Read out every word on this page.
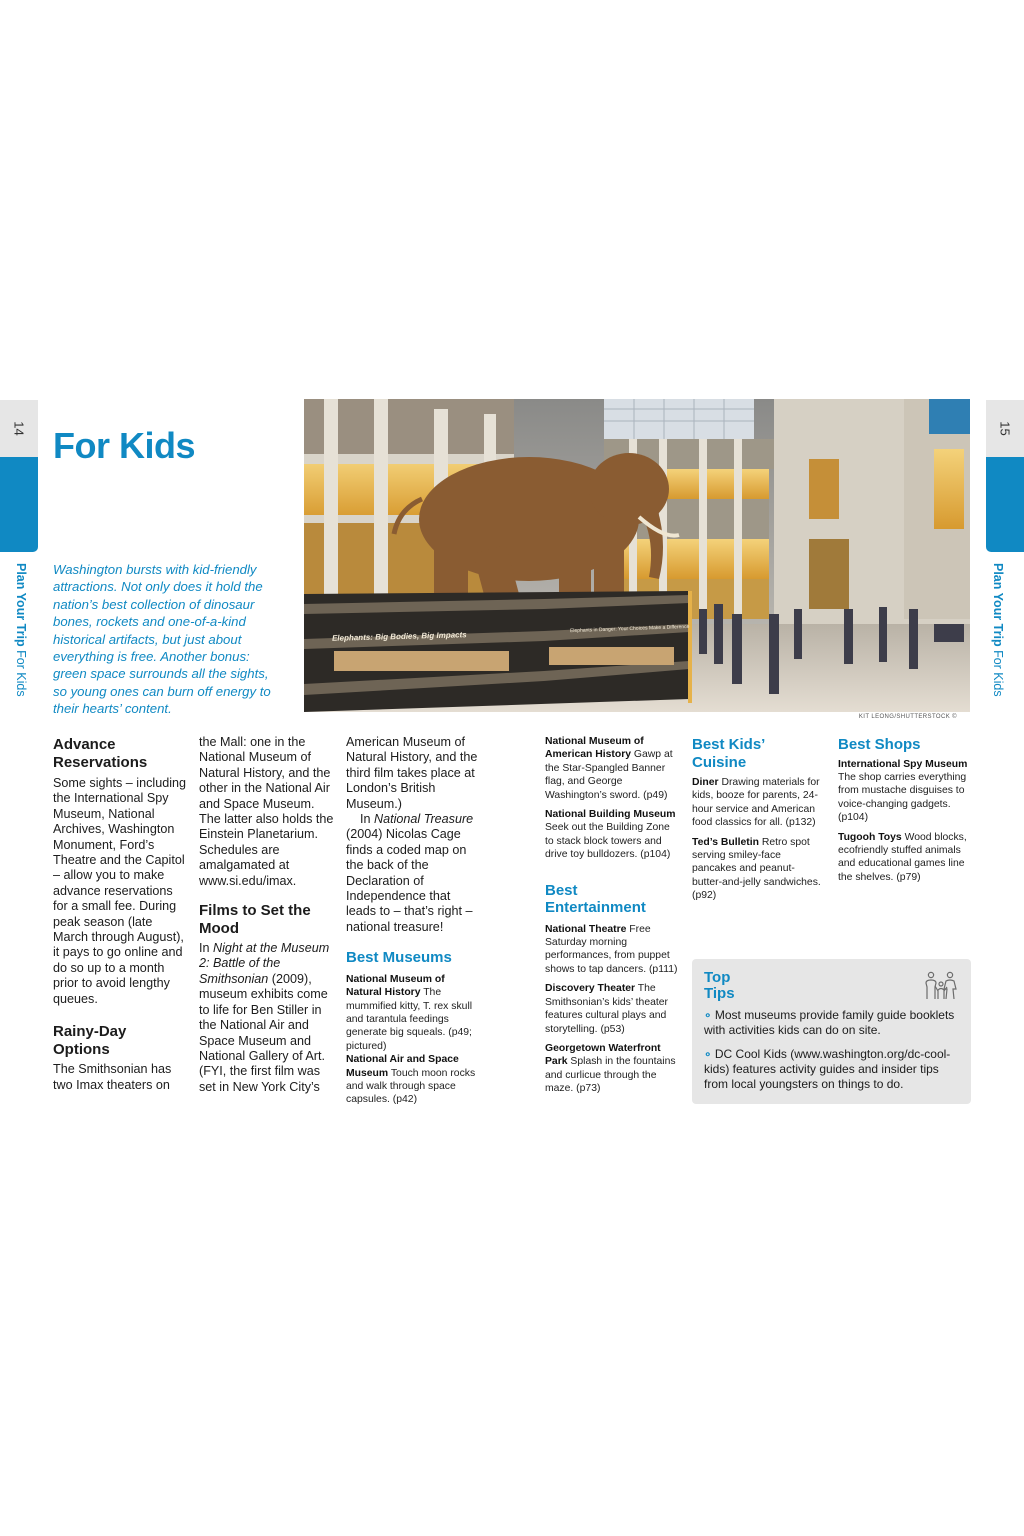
14
Plan Your Trip For Kids
15
Plan Your Trip For Kids
For Kids
Washington bursts with kid-friendly attractions. Not only does it hold the nation’s best collection of dinosaur bones, rockets and one-of-a-kind historical artifacts, but just about everything is free. Another bonus: green space surrounds all the sights, so young ones can burn off energy to their hearts’ content.
Elephants: Big Bodies, Big Impacts
Elephants in Danger: Your Choices Make a Difference
KIT LEONG/SHUTTERSTOCK ©
Advance Reservations

Some sights – including the International Spy Museum, National Archives, Washington Monument, Ford’s Theatre and the Capitol – allow you to make advance reservations for a small fee. During peak season (late March through August), it pays to go online and do so up to a month prior to avoid lengthy queues.

Rainy-Day Options

The Smithsonian has two Imax theaters on

the Mall: one in the National Museum of Natural History, and the other in the National Air and Space Museum. The latter also holds the Einstein Planetarium. Schedules are amalgamated at www.si.edu/imax.

Films to Set the Mood

In Night at the Museum 2: Battle of the Smithsonian (2009), museum exhibits come to life for Ben Stiller in the National Air and Space Museum and National Gallery of Art. (FYI, the first film was set in New York City’s

American Museum of Natural History, and the third film takes place at London’s British Museum.)

In National Treasure (2004) Nicolas Cage finds a coded map on the back of the Declaration of Independence that leads to – that’s right – national treasure!

Best Museums

National Museum of Natural History The mummified kitty, T. rex skull and tarantula feedings generate big squeals. (p49; pictured)

National Air and Space Museum Touch moon rocks and walk through space capsules. (p42)

National Museum of American History Gawp at the Star-Spangled Banner flag, and George Washington’s sword. (p49)

National Building Museum Seek out the Building Zone to stack block towers and drive toy bulldozers. (p104)

Best Entertainment

National Theatre Free Saturday morning performances, from puppet shows to tap dancers. (p111)

Discovery Theater The Smithsonian’s kids’ theater features cultural plays and storytelling. (p53)

Georgetown Waterfront Park Splash in the fountains and curlicue through the maze. (p73)

Best Kids’ Cuisine

Diner Drawing materials for kids, booze for parents, 24-hour service and American food classics for all. (p132)

Ted’s Bulletin Retro spot serving smiley-face pancakes and peanut-butter-and-jelly sandwiches. (p92)

Best Shops

International Spy Museum The shop carries everything from mustache disguises to voice-changing gadgets. (p104)

Tugooh Toys Wood blocks, ecofriendly stuffed animals and educational games line the shelves. (p79)

Top
Tips

∘ Most museums provide family guide booklets with activities kids can do on site.

∘ DC Cool Kids (www.washington.org/dc-cool-kids) features activity guides and insider tips from local youngsters on things to do.
